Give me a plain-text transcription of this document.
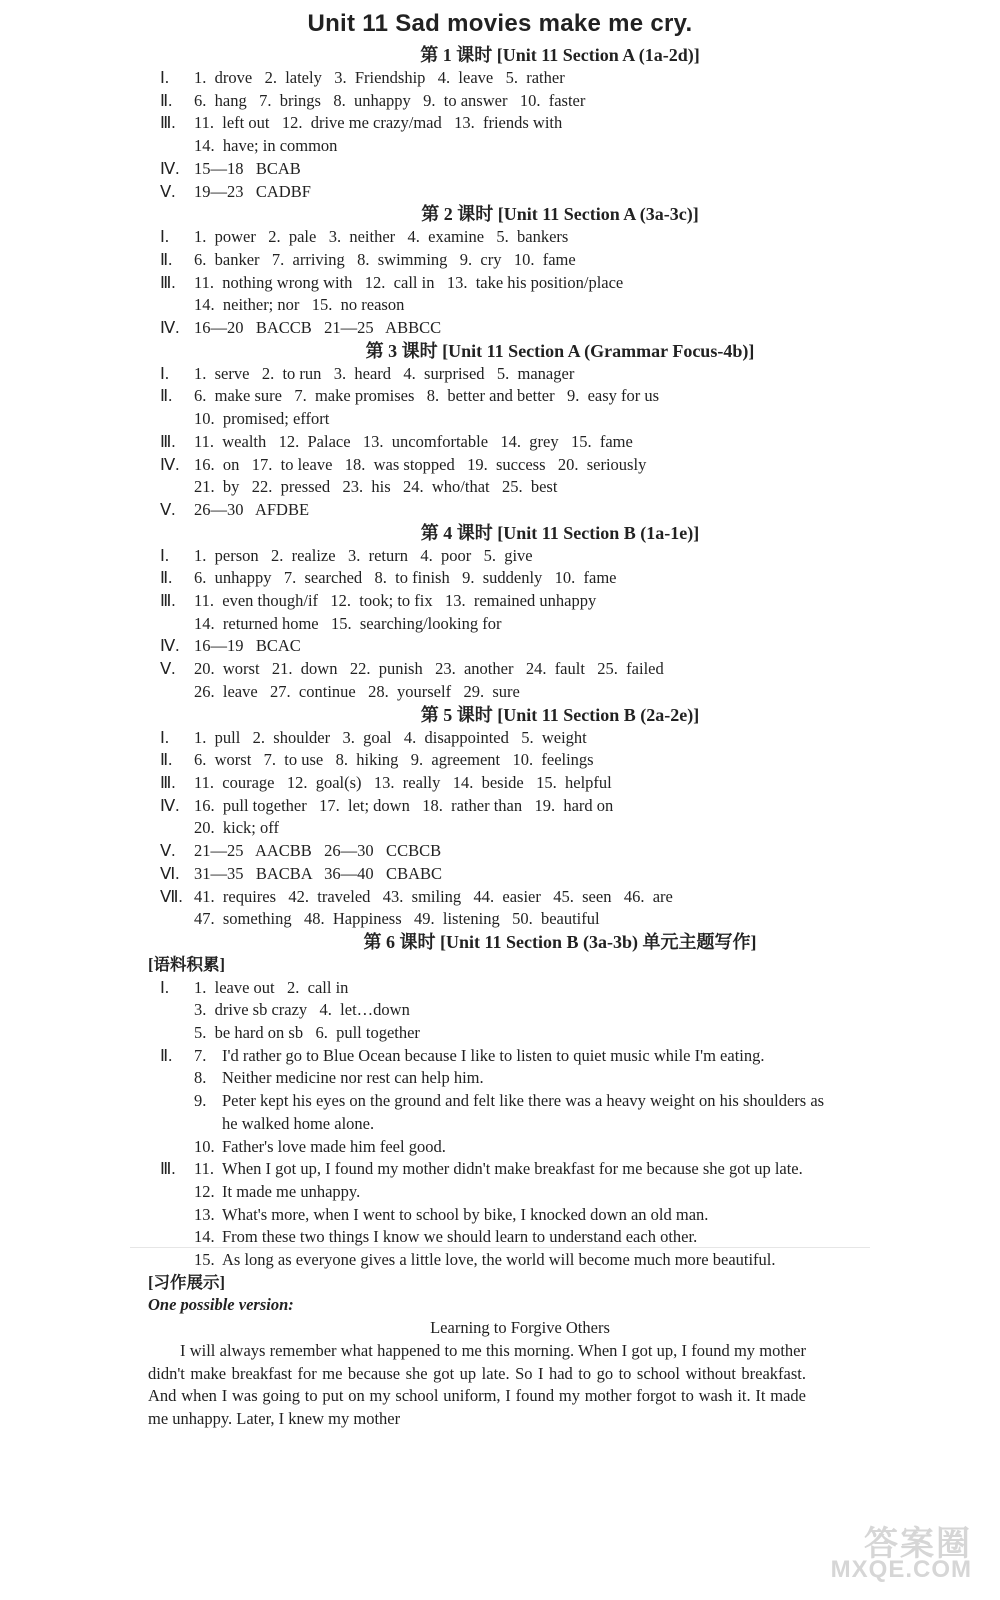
Unit 11 Sad movies make me cry.
第 1 课时 [Unit 11 Section A (1a-2d)]
Ⅰ.	1.  drove   2.  lately   3.  Friendship   4.  leave   5.  rather
Ⅱ.	6.  hang   7.  brings   8.  unhappy   9.  to answer   10.  faster
Ⅲ.	11.  left out   12.  drive me crazy/mad   13.  friends with
14.  have; in common
Ⅳ. 15—18   BCAB
Ⅴ.	19—23   CADBF
第 2 课时 [Unit 11 Section A (3a-3c)]
Ⅰ.	1.  power   2.  pale   3.  neither   4.  examine   5.  bankers
Ⅱ.	6.  banker   7.  arriving   8.  swimming   9.  cry   10.  fame
Ⅲ.	11.  nothing wrong with   12.  call in   13.  take his position/place
14.  neither; nor   15.  no reason
Ⅳ. 16—20   BACCB   21—25   ABBCC
第 3 课时 [Unit 11 Section A (Grammar Focus-4b)]
Ⅰ.	1.  serve   2.  to run   3.  heard   4.  surprised   5.  manager
Ⅱ.	6.  make sure   7.  make promises   8.  better and better   9.  easy for us
10.  promised; effort
Ⅲ.	11.  wealth   12.  Palace   13.  uncomfortable   14.  grey   15.  fame
Ⅳ. 16.  on   17.  to leave   18.  was stopped   19.  success   20.  seriously
21.  by   22.  pressed   23.  his   24.  who/that   25.  best
Ⅴ.	26—30   AFDBE
第 4 课时 [Unit 11 Section B (1a-1e)]
Ⅰ.	1.  person   2.  realize   3.  return   4.  poor   5.  give
Ⅱ.	6.  unhappy   7.  searched   8.  to finish   9.  suddenly   10.  fame
Ⅲ.	11.  even though/if   12.  took; to fix   13.  remained unhappy
14.  returned home   15.  searching/looking for
Ⅳ. 16—19   BCAC
Ⅴ.	20.  worst   21.  down   22.  punish   23.  another   24.  fault   25.  failed
26.  leave   27.  continue   28.  yourself   29.  sure
第 5 课时 [Unit 11 Section B (2a-2e)]
Ⅰ.	1.  pull   2.  shoulder   3.  goal   4.  disappointed   5.  weight
Ⅱ.	6.  worst   7.  to use   8.  hiking   9.  agreement   10.  feelings
Ⅲ.	11.  courage   12.  goal(s)   13.  really   14.  beside   15.  helpful
Ⅳ. 16.  pull together   17.  let; down   18.  rather than   19.  hard on
20.  kick; off
Ⅴ.	21—25   AACBB   26—30   CCBCB
Ⅵ. 31—35   BACBA   36—40   CBABC
Ⅶ. 41.  requires   42.  traveled   43.  smiling   44.  easier   45.  seen   46.  are
47.  something   48.  Happiness   49.  listening   50.  beautiful
第 6 课时 [Unit 11 Section B (3a-3b) 单元主题写作]
[语料积累]
Ⅰ.	1.  leave out   2.  call in
3.  drive sb crazy   4.  let…down
5.  be hard on sb   6.  pull together
Ⅱ.	7. I'd rather go to Blue Ocean because I like to listen to quiet music while I'm eating.
8. Neither medicine nor rest can help him.
9. Peter kept his eyes on the ground and felt like there was a heavy weight on his shoulders as he walked home alone.
10. Father's love made him feel good.
Ⅲ.	11. When I got up, I found my mother didn't make breakfast for me because she got up late.
12. It made me unhappy.
13. What's more, when I went to school by bike, I knocked down an old man.
14. From these two things I know we should learn to understand each other.
15. As long as everyone gives a little love, the world will become much more beautiful.
[习作展示]
One possible version:
Learning to Forgive Others
I will always remember what happened to me this morning. When I got up, I found my mother didn't make breakfast for me because she got up late. So I had to go to school without breakfast. And when I was going to put on my school uniform, I found my mother forgot to wash it. It made me unhappy. Later, I knew my mother
答案圈
MXQE.COM
